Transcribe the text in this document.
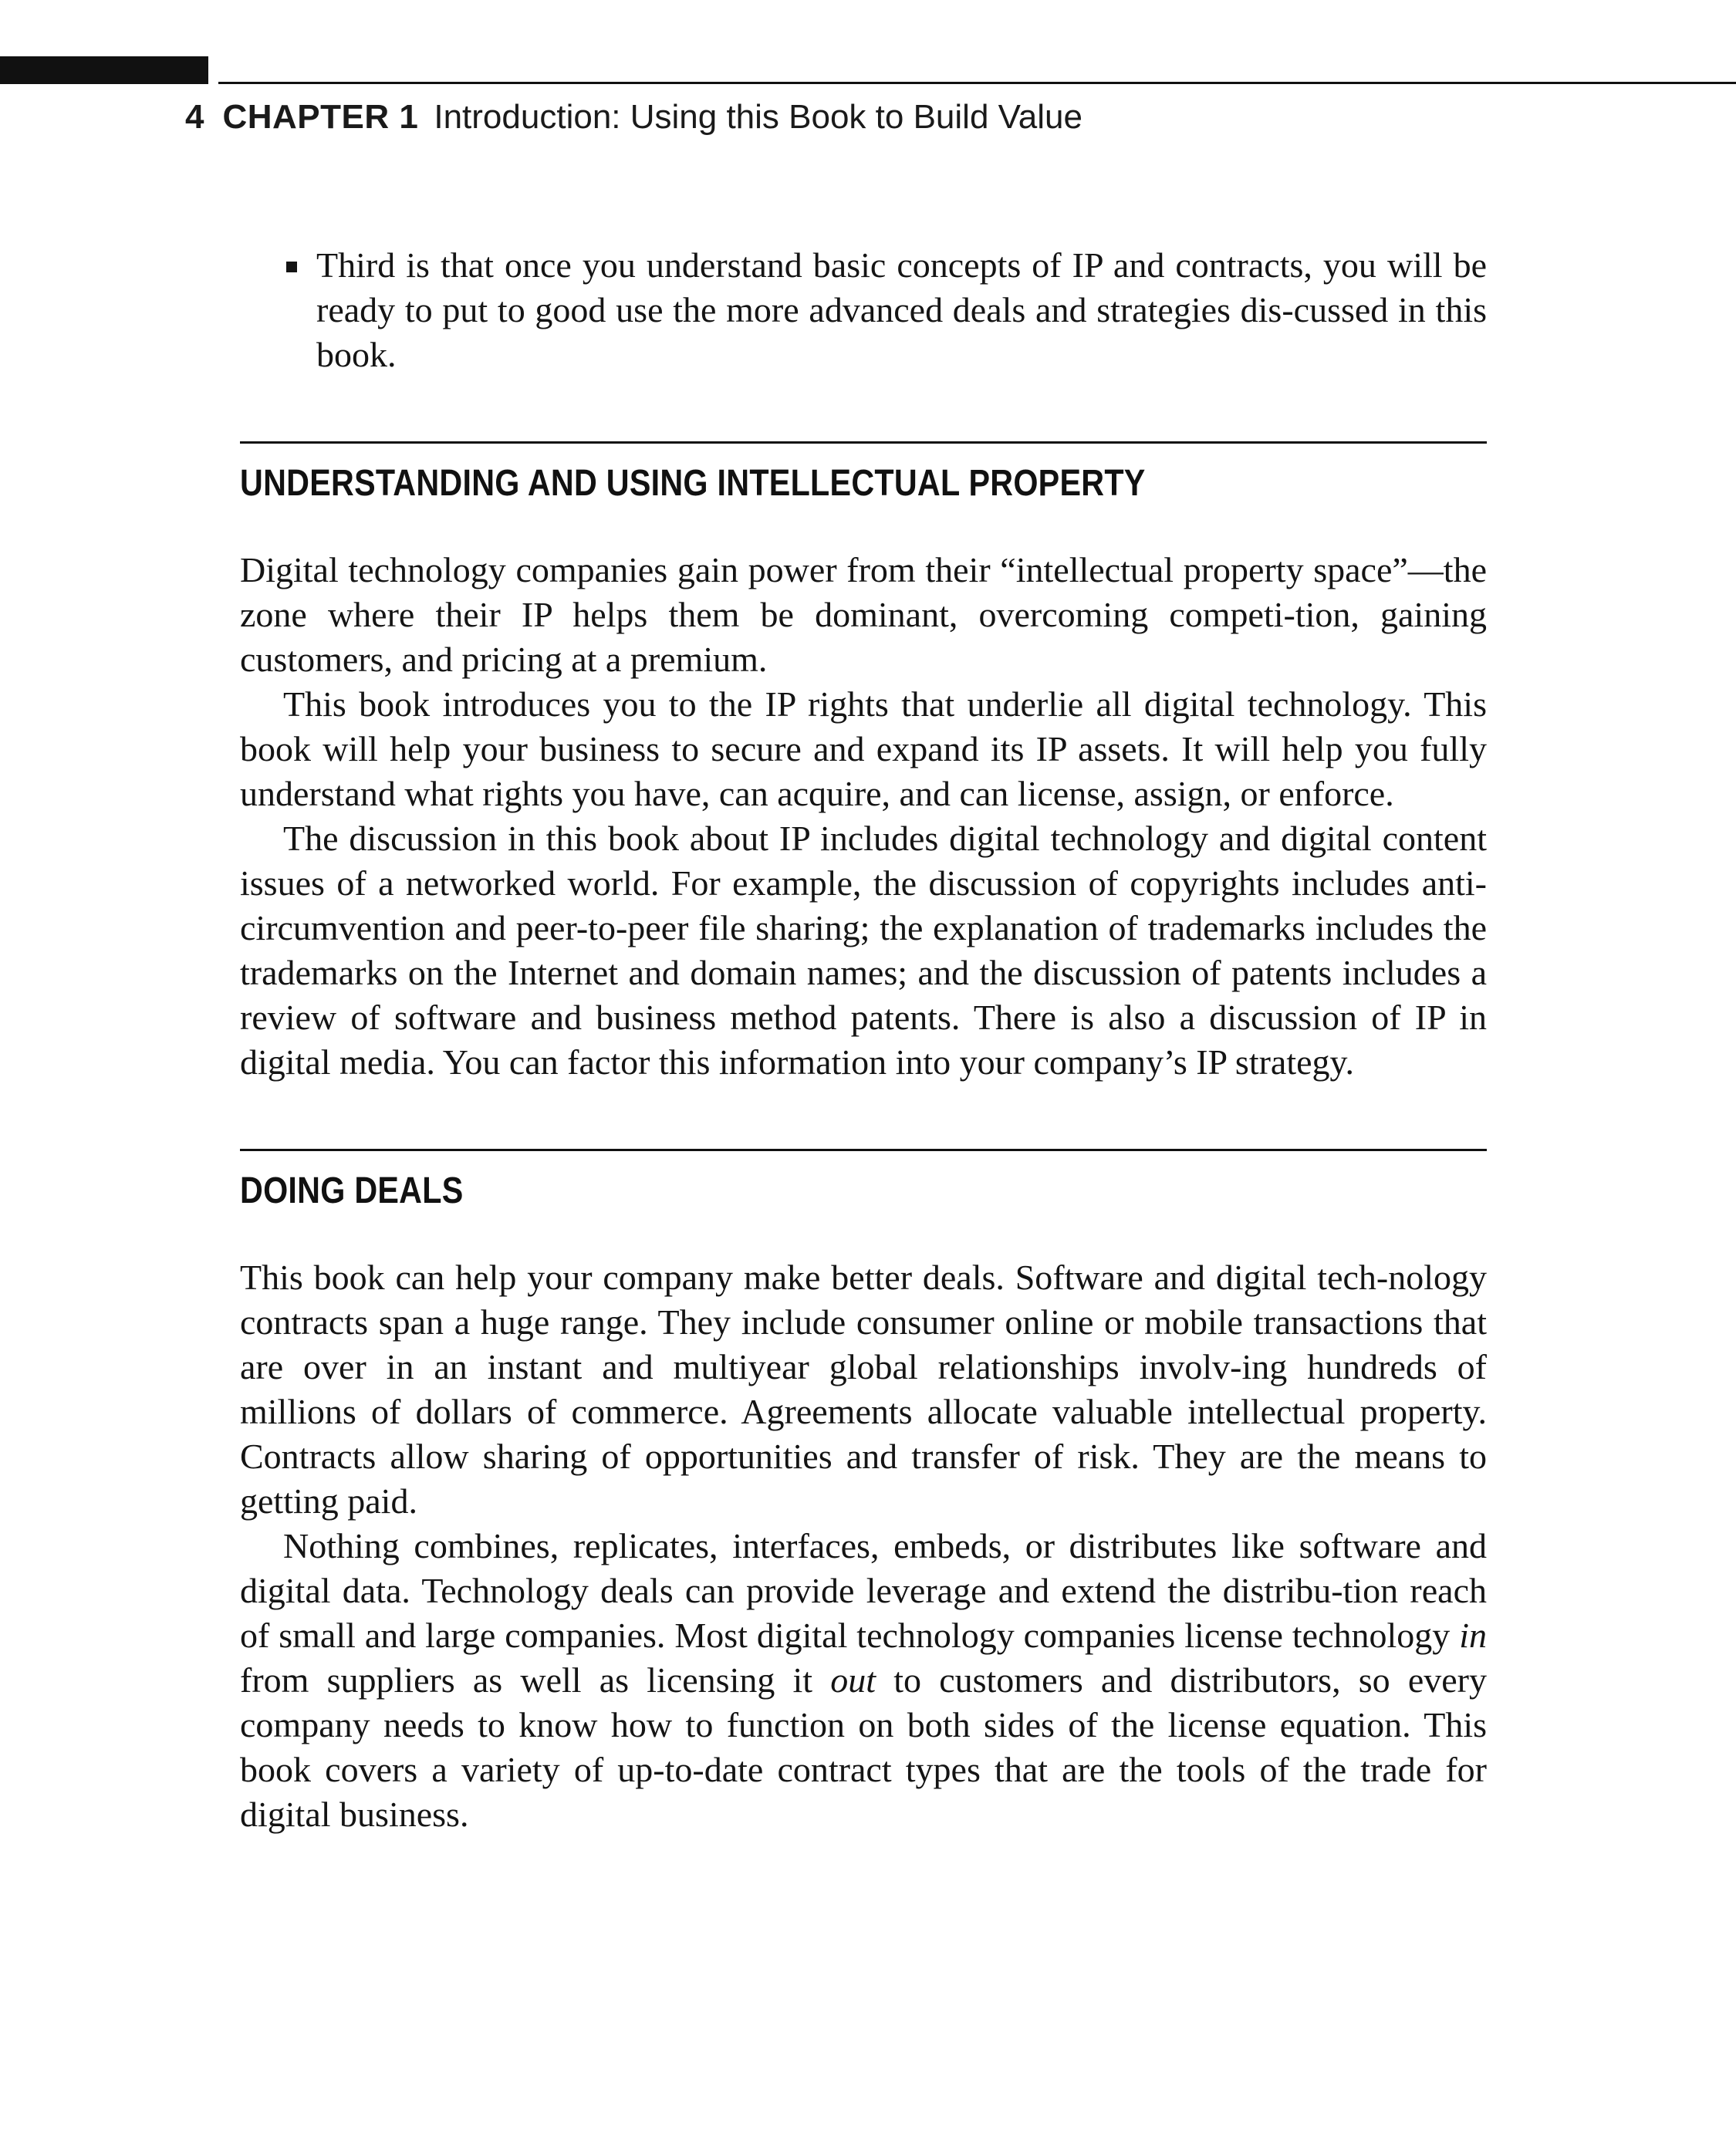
4 CHAPTER 1 Introduction: Using this Book to Build Value

Third is that once you understand basic concepts of IP and contracts, you will be ready to put to good use the more advanced deals and strategies dis-cussed in this book.

UNDERSTANDING AND USING INTELLECTUAL PROPERTY

Digital technology companies gain power from their “intellectual property space”—the zone where their IP helps them be dominant, overcoming competi-tion, gaining customers, and pricing at a premium.

This book introduces you to the IP rights that underlie all digital technology. This book will help your business to secure and expand its IP assets. It will help you fully understand what rights you have, can acquire, and can license, assign, or enforce.

The discussion in this book about IP includes digital technology and digital content issues of a networked world. For example, the discussion of copyrights includes anti-circumvention and peer-to-peer file sharing; the explanation of trademarks includes the trademarks on the Internet and domain names; and the discussion of patents includes a review of software and business method patents. There is also a discussion of IP in digital media. You can factor this information into your company’s IP strategy.

DOING DEALS

This book can help your company make better deals. Software and digital tech-nology contracts span a huge range. They include consumer online or mobile transactions that are over in an instant and multiyear global relationships involv-ing hundreds of millions of dollars of commerce. Agreements allocate valuable intellectual property. Contracts allow sharing of opportunities and transfer of risk. They are the means to getting paid.

Nothing combines, replicates, interfaces, embeds, or distributes like software and digital data. Technology deals can provide leverage and extend the distribu-tion reach of small and large companies. Most digital technology companies license technology in from suppliers as well as licensing it out to customers and distributors, so every company needs to know how to function on both sides of the license equation. This book covers a variety of up-to-date contract types that are the tools of the trade for digital business.
